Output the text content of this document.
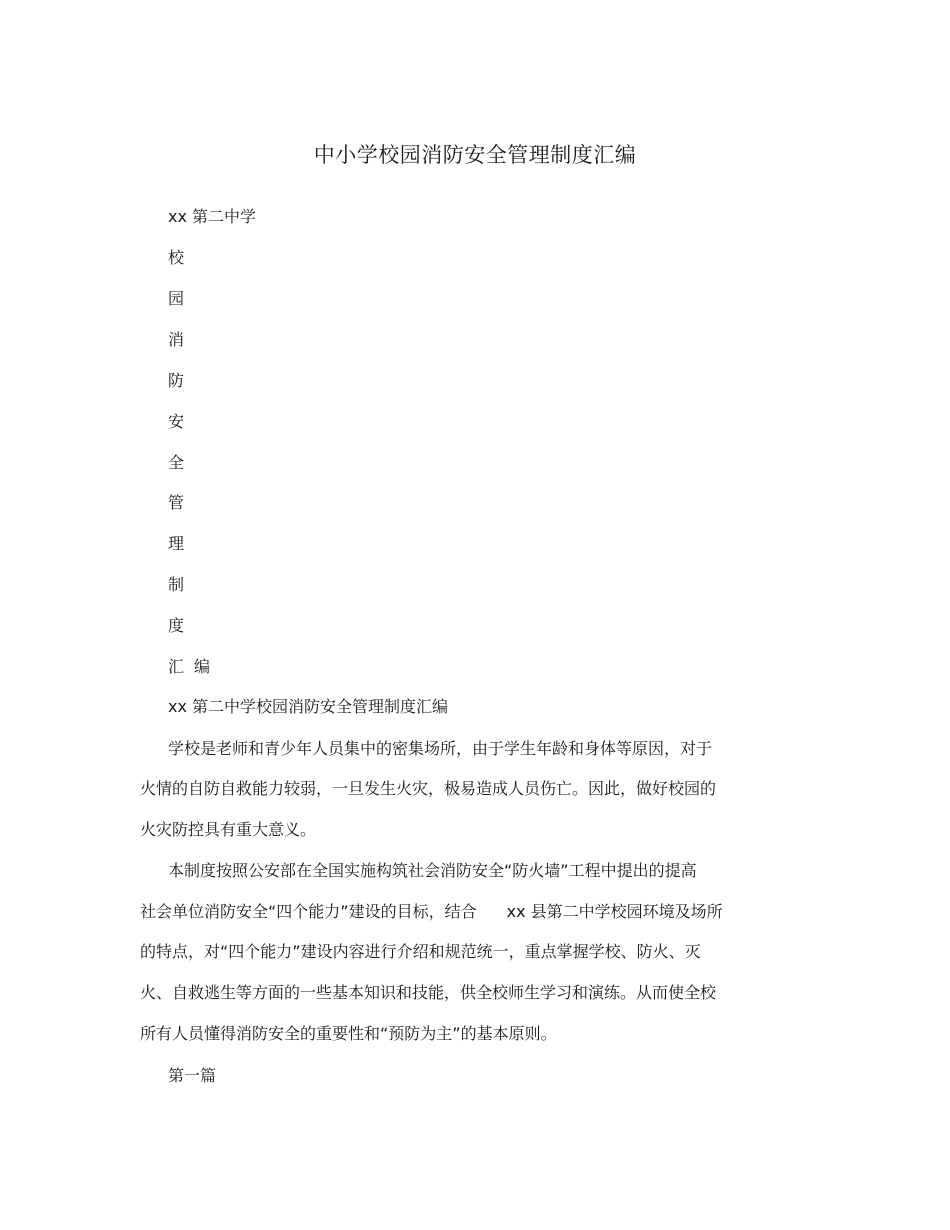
中小学校园消防安全管理制度汇编
xx 第二中学
校
园
消
防
安
全
管
理
制
度
汇 编
xx 第二中学校园消防安全管理制度汇编
学校是老师和青少年人员集中的密集场所，由于学生年龄和身体等原因，对于
火情的自防自救能力较弱，一旦发生火灾，极易造成人员伤亡。因此，做好校园的
火灾防控具有重大意义。
本制度按照公安部在全国实施构筑社会消防安全“防火墙”工程中提出的提高
社会单位消防安全“四个能力”建设的目标，结合 xx 县第二中学校园环境及场所
的特点，对“四个能力”建设内容进行介绍和规范统一，重点掌握学校、防火、灭
火、自救逃生等方面的一些基本知识和技能，供全校师生学习和演练。从而使全校
所有人员懂得消防安全的重要性和“预防为主”的基本原则。
第一篇
